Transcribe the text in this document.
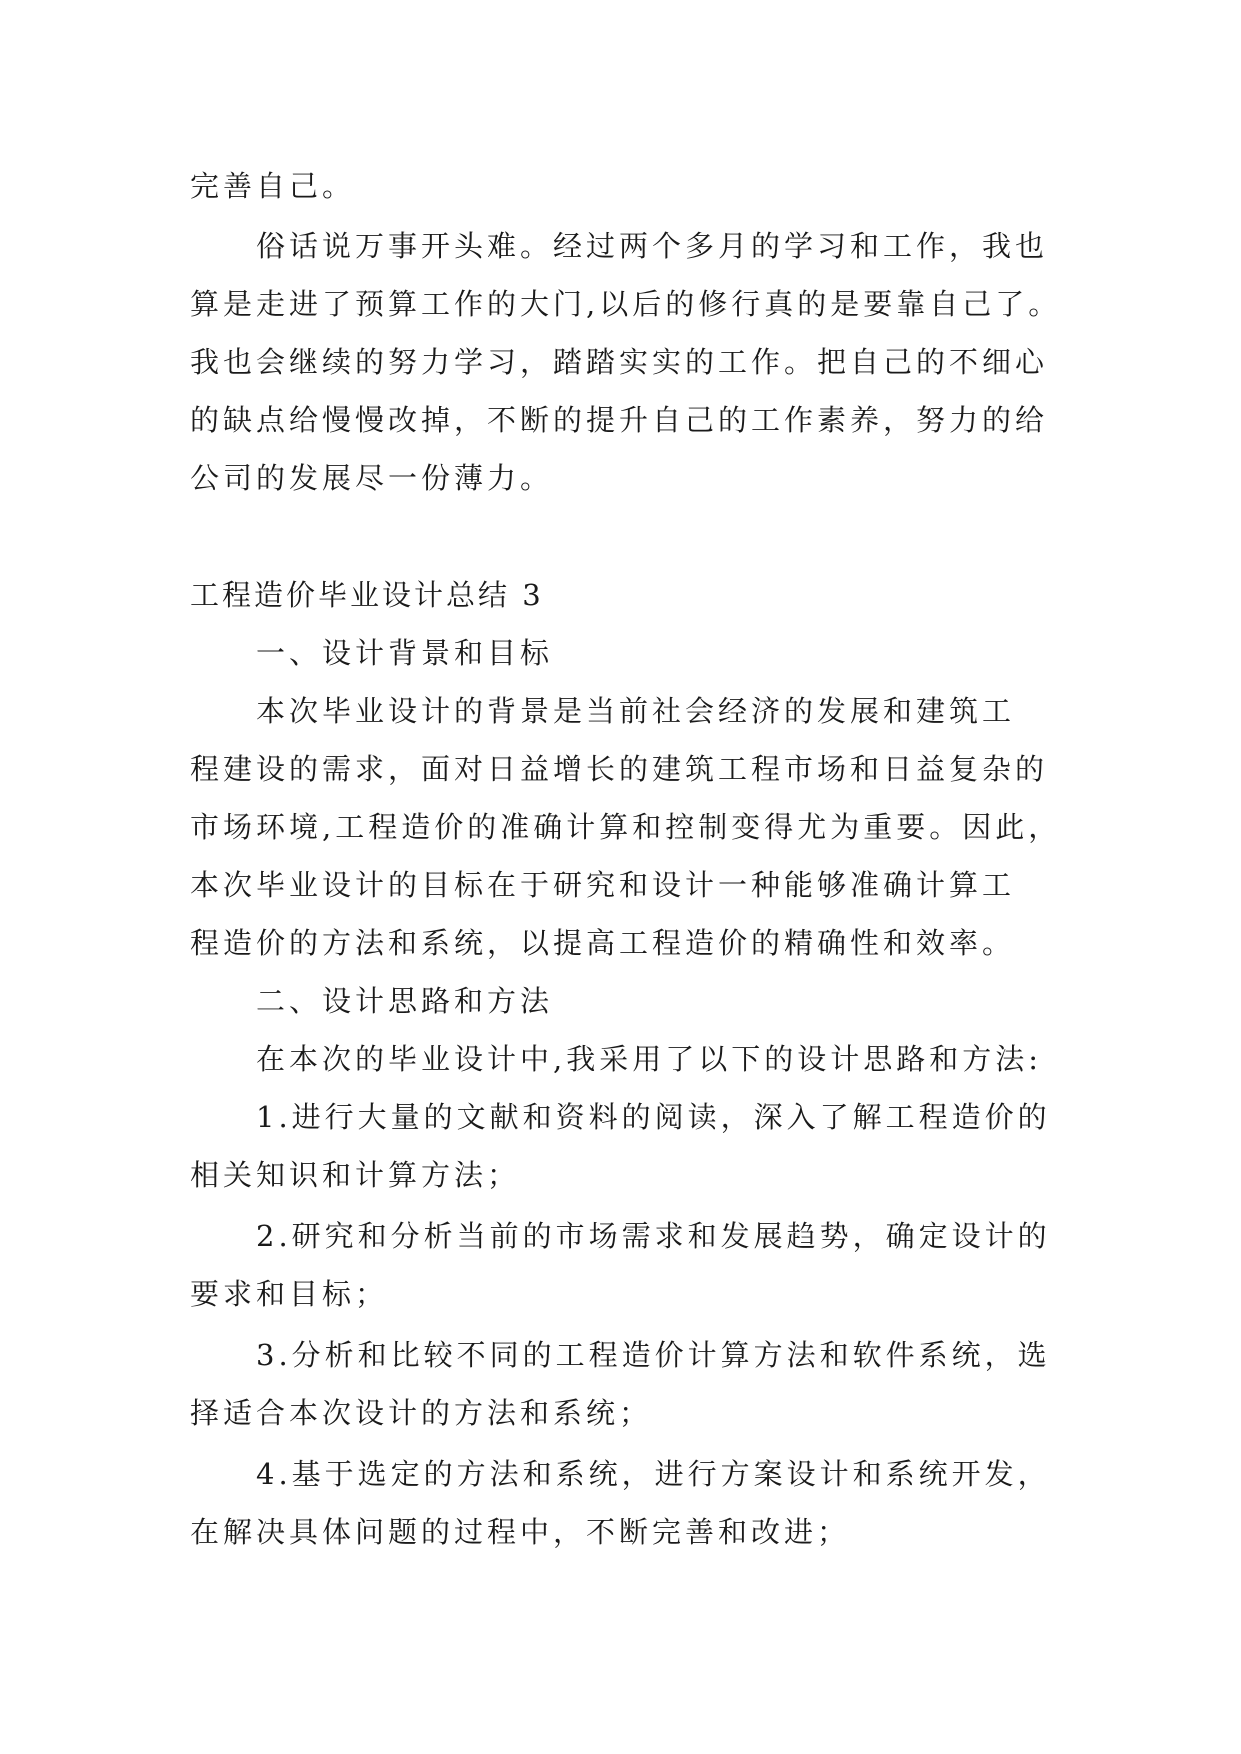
完善自己。
俗话说万事开头难。经过两个多月的学习和工作，我也
算是走进了预算工作的大门,以后的修行真的是要靠自己了。
我也会继续的努力学习，踏踏实实的工作。把自己的不细心
的缺点给慢慢改掉，不断的提升自己的工作素养，努力的给
公司的发展尽一份薄力。
工程造价毕业设计总结 3
一、设计背景和目标
本次毕业设计的背景是当前社会经济的发展和建筑工
程建设的需求，面对日益增长的建筑工程市场和日益复杂的
市场环境,工程造价的准确计算和控制变得尤为重要。因此，
本次毕业设计的目标在于研究和设计一种能够准确计算工
程造价的方法和系统，以提高工程造价的精确性和效率。
二、设计思路和方法
在本次的毕业设计中,我采用了以下的设计思路和方法:
1.进行大量的文献和资料的阅读，深入了解工程造价的
相关知识和计算方法；
2.研究和分析当前的市场需求和发展趋势，确定设计的
要求和目标；
3.分析和比较不同的工程造价计算方法和软件系统，选
择适合本次设计的方法和系统；
4.基于选定的方法和系统，进行方案设计和系统开发，
在解决具体问题的过程中，不断完善和改进；
